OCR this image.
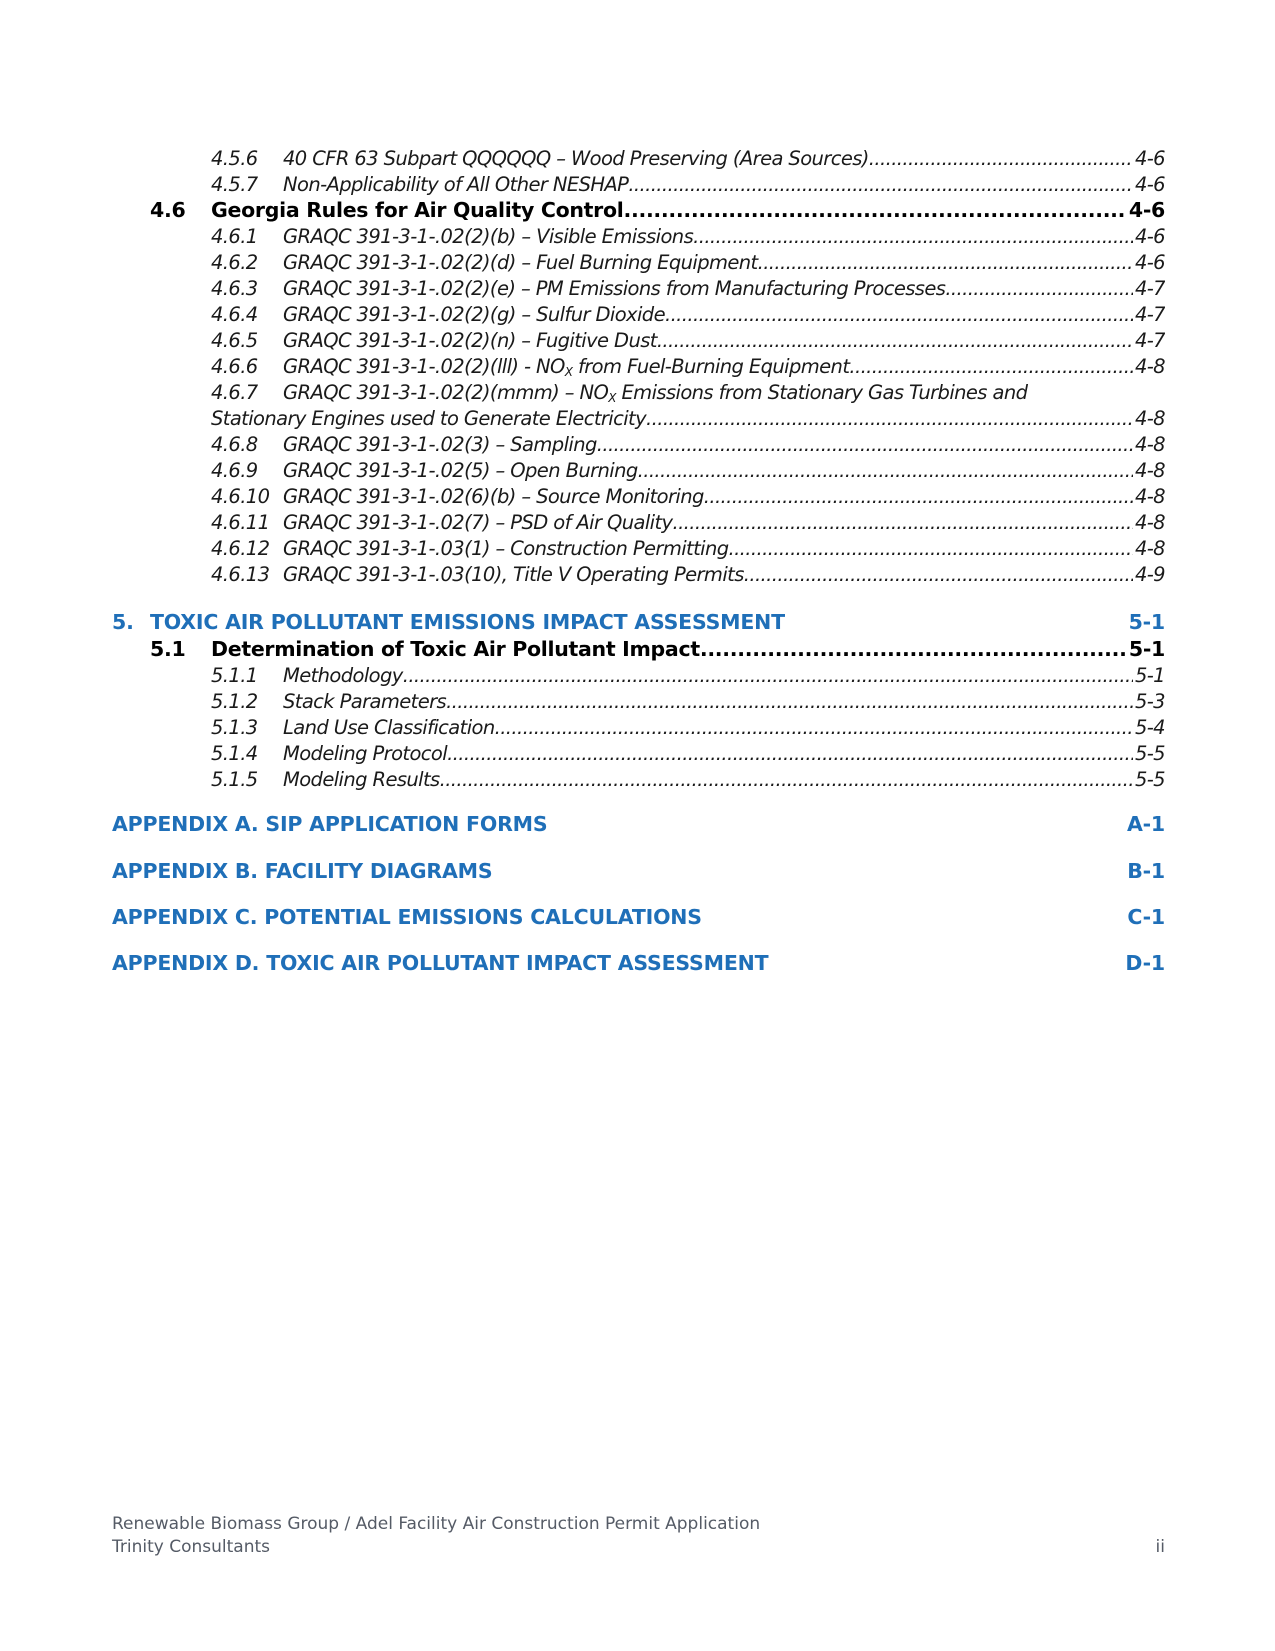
4.5.6	40 CFR 63 Subpart QQQQQQ – Wood Preserving (Area Sources) .....	4-6
4.5.7	Non-Applicability of All Other NESHAP .....	4-6
4.6	Georgia Rules for Air Quality Control .....	4-6
4.6.1	GRAQC 391-3-1-.02(2)(b) – Visible Emissions .....	4-6
4.6.2	GRAQC 391-3-1-.02(2)(d) – Fuel Burning Equipment .....	4-6
4.6.3	GRAQC 391-3-1-.02(2)(e) – PM Emissions from Manufacturing Processes .....	4-7
4.6.4	GRAQC 391-3-1-.02(2)(g) – Sulfur Dioxide .....	4-7
4.6.5	GRAQC 391-3-1-.02(2)(n) – Fugitive Dust .....	4-7
4.6.6	GRAQC $391-3-1-.02(2)(lll) - NO_X$ from Fuel-Burning Equipment .....	4-8
4.6.7	GRAQC $391-3-1-.02(2)(mmm) - NO_X$ Emissions from Stationary Gas Turbines and
Stationary Engines used to Generate Electricity .....	4-8
4.6.8	GRAQC 391-3-1-.02(3) – Sampling .....	4-8
4.6.9	GRAQC 391-3-1-.02(5) – Open Burning .....	4-8
4.6.10 GRAQC 391-3-1-.02(6)(b) – Source Monitoring .....	4-8
4.6.11 GRAQC 391-3-1-.02(7) – PSD of Air Quality .....	4-8
4.6.12 GRAQC 391-3-1-.03(1) – Construction Permitting .....	4-8
4.6.13 GRAQC 391-3-1-.03(10), Title V Operating Permits .....	4-9
5. TOXIC AIR POLLUTANT EMISSIONS IMPACT ASSESSMENT	5-1
5.1	Determination of Toxic Air Pollutant Impact .....	5-1
5.1.1	Methodology .....	5-1
5.1.2	Stack Parameters .....	5-3
5.1.3	Land Use Classification .....	5-4
5.1.4	Modeling Protocol .....	5-5
5.1.5	Modeling Results .....	5-5
APPENDIX A. SIP APPLICATION FORMS	A-1
APPENDIX B. FACILITY DIAGRAMS	B-1
APPENDIX C. POTENTIAL EMISSIONS CALCULATIONS	C-1
APPENDIX D. TOXIC AIR POLLUTANT IMPACT ASSESSMENT	D-1
Renewable Biomass Group / Adel Facility Air Construction Permit Application
Trinity Consultants	ii
